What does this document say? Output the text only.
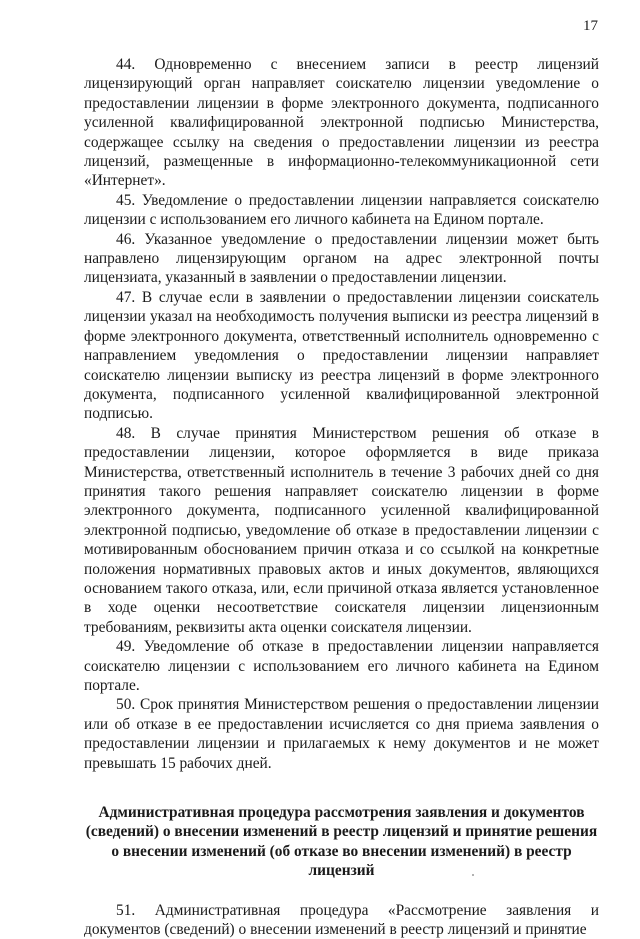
17

44. Одновременно с внесением записи в реестр лицензий лицензирующий орган направляет соискателю лицензии уведомление о предоставлении лицензии в форме электронного документа, подписанного усиленной квалифицированной электронной подписью Министерства, содержащее ссылку на сведения о предоставлении лицензии из реестра лицензий, размещенные в информационно-телекоммуникационной сети «Интернет».

45. Уведомление о предоставлении лицензии направляется соискателю лицензии с использованием его личного кабинета на Едином портале.

46. Указанное уведомление о предоставлении лицензии может быть направлено лицензирующим органом на адрес электронной почты лицензиата, указанный в заявлении о предоставлении лицензии.

47. В случае если в заявлении о предоставлении лицензии соискатель лицензии указал на необходимость получения выписки из реестра лицензий в форме электронного документа, ответственный исполнитель одновременно с направлением уведомления о предоставлении лицензии направляет соискателю лицензии выписку из реестра лицензий в форме электронного документа, подписанного усиленной квалифицированной электронной подписью.

48. В случае принятия Министерством решения об отказе в предоставлении лицензии, которое оформляется в виде приказа Министерства, ответственный исполнитель в течение 3 рабочих дней со дня принятия такого решения направляет соискателю лицензии в форме электронного документа, подписанного усиленной квалифицированной электронной подписью, уведомление об отказе в предоставлении лицензии с мотивированным обоснованием причин отказа и со ссылкой на конкретные положения нормативных правовых актов и иных документов, являющихся основанием такого отказа, или, если причиной отказа является установленное в ходе оценки несоответствие соискателя лицензии лицензионным требованиям, реквизиты акта оценки соискателя лицензии.

49. Уведомление об отказе в предоставлении лицензии направляется соискателю лицензии с использованием его личного кабинета на Едином портале.

50. Срок принятия Министерством решения о предоставлении лицензии или об отказе в ее предоставлении исчисляется со дня приема заявления о предоставлении лицензии и прилагаемых к нему документов и не может превышать 15 рабочих дней.

Административная процедура рассмотрения заявления и документов (сведений) о внесении изменений в реестр лицензий и принятие решения о внесении изменений (об отказе во внесении изменений) в реестр лицензий

51. Административная процедура «Рассмотрение заявления и документов (сведений) о внесении изменений в реестр лицензий и принятие
